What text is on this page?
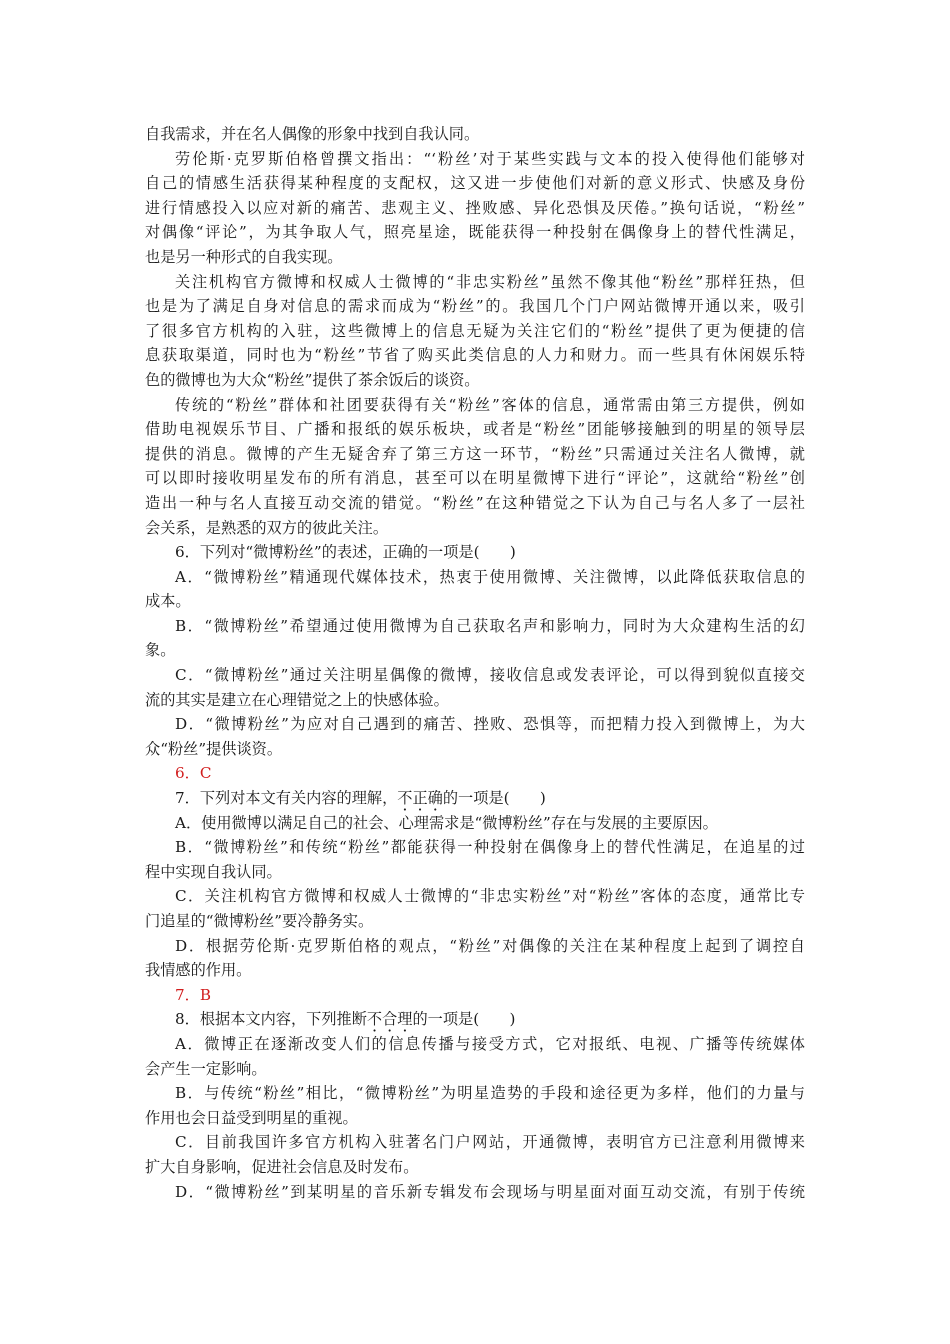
自我需求，并在名人偶像的形象中找到自我认同。
劳伦斯·克罗斯伯格曾撰文指出：“‘粉丝’对于某些实践与文本的投入使得他们能够对
自己的情感生活获得某种程度的支配权，这又进一步使他们对新的意义形式、快感及身份
进行情感投入以应对新的痛苦、悲观主义、挫败感、异化恐惧及厌倦。”换句话说，“粉丝”
对偶像“评论”，为其争取人气，照亮星途，既能获得一种投射在偶像身上的替代性满足，
也是另一种形式的自我实现。
关注机构官方微博和权威人士微博的“非忠实粉丝”虽然不像其他“粉丝”那样狂热，但
也是为了满足自身对信息的需求而成为“粉丝”的。我国几个门户网站微博开通以来，吸引
了很多官方机构的入驻，这些微博上的信息无疑为关注它们的“粉丝”提供了更为便捷的信
息获取渠道，同时也为“粉丝”节省了购买此类信息的人力和财力。而一些具有休闲娱乐特
色的微博也为大众“粉丝”提供了茶余饭后的谈资。
传统的“粉丝”群体和社团要获得有关“粉丝”客体的信息，通常需由第三方提供，例如
借助电视娱乐节目、广播和报纸的娱乐板块，或者是“粉丝”团能够接触到的明星的领导层
提供的消息。微博的产生无疑舍弃了第三方这一环节，“粉丝”只需通过关注名人微博，就
可以即时接收明星发布的所有消息，甚至可以在明星微博下进行“评论”，这就给“粉丝”创
造出一种与名人直接互动交流的错觉。“粉丝”在这种错觉之下认为自己与名人多了一层社
会关系，是熟悉的双方的彼此关注。
6．下列对“微博粉丝”的表述，正确的一项是(　　)
A．“微博粉丝”精通现代媒体技术，热衷于使用微博、关注微博，以此降低获取信息的
成本。
B．“微博粉丝”希望通过使用微博为自己获取名声和影响力，同时为大众建构生活的幻
象。
C．“微博粉丝”通过关注明星偶像的微博，接收信息或发表评论，可以得到貌似直接交
流的其实是建立在心理错觉之上的快感体验。
D．“微博粉丝”为应对自己遇到的痛苦、挫败、恐惧等，而把精力投入到微博上，为大
众“粉丝”提供谈资。
6．C
7．下列对本文有关内容的理解，不正确的一项是(　　)
A．使用微博以满足自己的社会、心理需求是“微博粉丝”存在与发展的主要原因。
B．“微博粉丝”和传统“粉丝”都能获得一种投射在偶像身上的替代性满足，在追星的过
程中实现自我认同。
C．关注机构官方微博和权威人士微博的“非忠实粉丝”对“粉丝”客体的态度，通常比专
门追星的“微博粉丝”要冷静务实。
D．根据劳伦斯·克罗斯伯格的观点，“粉丝”对偶像的关注在某种程度上起到了调控自
我情感的作用。
7．B
8．根据本文内容，下列推断不合理的一项是(　　)
A．微博正在逐渐改变人们的信息传播与接受方式，它对报纸、电视、广播等传统媒体
会产生一定影响。
B．与传统“粉丝”相比，“微博粉丝”为明星造势的手段和途径更为多样，他们的力量与
作用也会日益受到明星的重视。
C．目前我国许多官方机构入驻著名门户网站，开通微博，表明官方已注意利用微博来
扩大自身影响，促进社会信息及时发布。
D．“微博粉丝”到某明星的音乐新专辑发布会现场与明星面对面互动交流，有别于传统
